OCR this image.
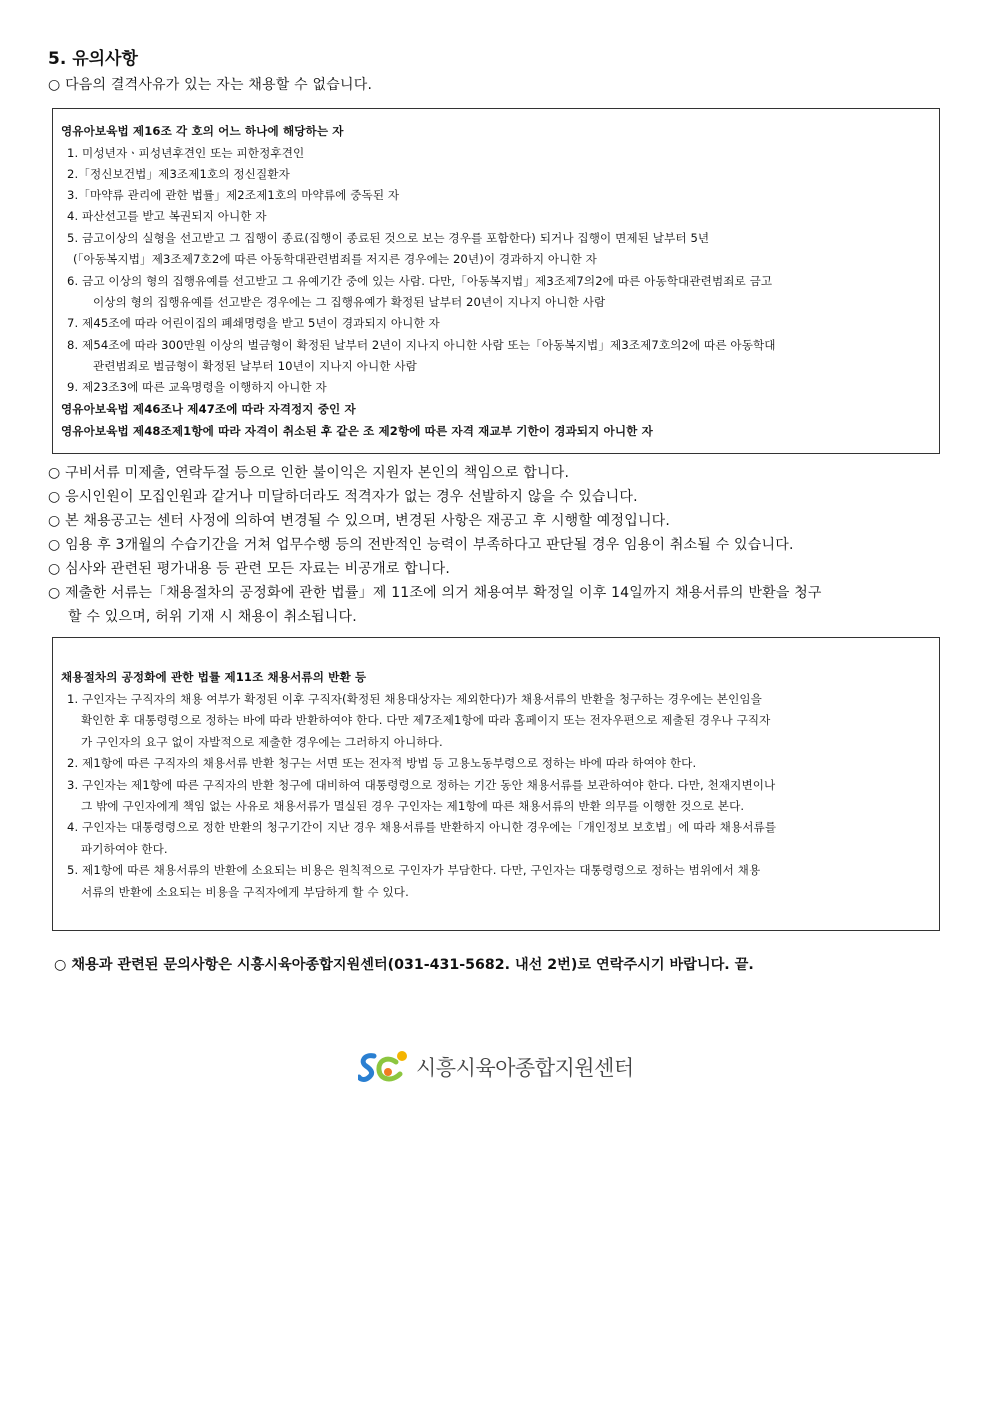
5. 유의사항
○ 다음의 결격사유가 있는 자는 채용할 수 없습니다.
영유아보육법 제16조 각 호의 어느 하나에 해당하는 자
1. 미성년자ㆍ피성년후견인 또는 피한정후견인
2.「정신보건법」제3조제1호의 정신질환자
3.「마약류 관리에 관한 법률」제2조제1호의 마약류에 중독된 자
4. 파산선고를 받고 복권되지 아니한 자
5. 금고이상의 실형을 선고받고 그 집행이 종료(집행이 종료된 것으로 보는 경우를 포함한다) 되거나 집행이 면제된 날부터 5년
(「아동복지법」제3조제7호2에 따른 아동학대관련범죄를 저지른 경우에는 20년)이 경과하지 아니한 자
6. 금고 이상의 형의 집행유예를 선고받고 그 유예기간 중에 있는 사람. 다만,「아동복지법」제3조제7의2에 따른 아동학대관련범죄로 금고
이상의 형의 집행유예를 선고받은 경우에는 그 집행유예가 확정된 날부터 20년이 지나지 아니한 사람
7. 제45조에 따라 어린이집의 폐쇄명령을 받고 5년이 경과되지 아니한 자
8. 제54조에 따라 300만원 이상의 벌금형이 확정된 날부터 2년이 지나지 아니한 사람 또는「아동복지법」제3조제7호의2에 따른 아동학대
관련범죄로 벌금형이 확정된 날부터 10년이 지나지 아니한 사람
9. 제23조3에 따른 교육명령을 이행하지 아니한 자
영유아보육법 제46조나 제47조에 따라 자격정지 중인 자
영유아보육법 제48조제1항에 따라 자격이 취소된 후 같은 조 제2항에 따른 자격 재교부 기한이 경과되지 아니한 자
○ 구비서류 미제출, 연락두절 등으로 인한 불이익은 지원자 본인의 책임으로 합니다.
○ 응시인원이 모집인원과 같거나 미달하더라도 적격자가 없는 경우 선발하지 않을 수 있습니다.
○ 본 채용공고는 센터 사정에 의하여 변경될 수 있으며, 변경된 사항은 재공고 후 시행할 예정입니다.
○ 임용 후 3개월의 수습기간을 거쳐 업무수행 등의 전반적인 능력이 부족하다고 판단될 경우 임용이 취소될 수 있습니다.
○ 심사와 관련된 평가내용 등 관련 모든 자료는 비공개로 합니다.
○ 제출한 서류는「채용절차의 공정화에 관한 법률」제 11조에 의거 채용여부 확정일 이후 14일까지 채용서류의 반환을 청구
할 수 있으며, 허위 기재 시 채용이 취소됩니다.
채용절차의 공정화에 관한 법률 제11조 채용서류의 반환 등
1. 구인자는 구직자의 채용 여부가 확정된 이후 구직자(확정된 채용대상자는 제외한다)가 채용서류의 반환을 청구하는 경우에는 본인임을
확인한 후 대통령령으로 정하는 바에 따라 반환하여야 한다. 다만 제7조제1항에 따라 홈페이지 또는 전자우편으로 제출된 경우나 구직자
가 구인자의 요구 없이 자발적으로 제출한 경우에는 그러하지 아니하다.
2. 제1항에 따른 구직자의 채용서류 반환 청구는 서면 또는 전자적 방법 등 고용노동부령으로 정하는 바에 따라 하여야 한다.
3. 구인자는 제1항에 따른 구직자의 반환 청구에 대비하여 대통령령으로 정하는 기간 동안 채용서류를 보관하여야 한다. 다만, 천재지변이나
그 밖에 구인자에게 책임 없는 사유로 채용서류가 멸실된 경우 구인자는 제1항에 따른 채용서류의 반환 의무를 이행한 것으로 본다.
4. 구인자는 대통령령으로 정한 반환의 청구기간이 지난 경우 채용서류를 반환하지 아니한 경우에는「개인정보 보호법」에 따라 채용서류를
파기하여야 한다.
5. 제1항에 따른 채용서류의 반환에 소요되는 비용은 원칙적으로 구인자가 부담한다. 다만, 구인자는 대통령령으로 정하는 범위에서 채용
서류의 반환에 소요되는 비용을 구직자에게 부담하게 할 수 있다.
○ 채용과 관련된 문의사항은 시흥시육아종합지원센터(031-431-5682. 내선 2번)로 연락주시기 바랍니다. 끝.
시흥시육아종합지원센터
